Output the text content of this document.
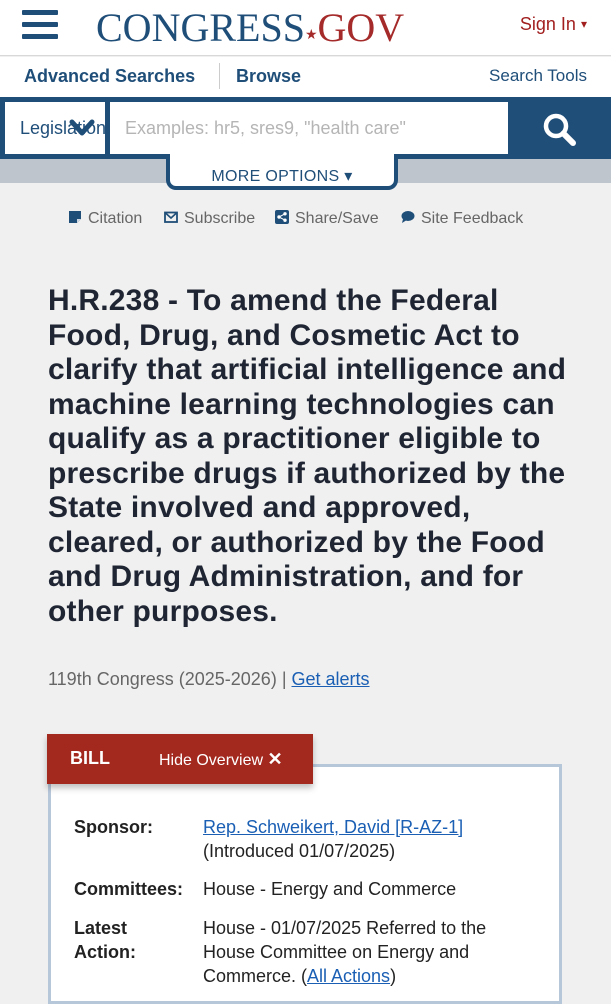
CONGRESS★GOV	Sign In ▾
Advanced Searches Browse	Search Tools
Legislation
Examples: hr5, sres9, "health care"
MORE OPTIONS ▾
Citation	Subscribe	Share/Save	Site Feedback
H.R.238 - To amend the Federal Food, Drug, and Cosmetic Act to clarify that artificial intelligence and machine learning technologies can qualify as a practitioner eligible to prescribe drugs if authorized by the State involved and approved, cleared, or authorized by the Food and Drug Administration, and for other purposes.
119th Congress (2025-2026) | Get alerts
BILL	Hide Overview ✕
Sponsor:	Rep. Schweikert, David [R-AZ-1]
(Introduced 01/07/2025)
Committees: House - Energy and Commerce
Latest
Action:
House - 01/07/2025 Referred to the House Committee on Energy and Commerce. (All Actions)
